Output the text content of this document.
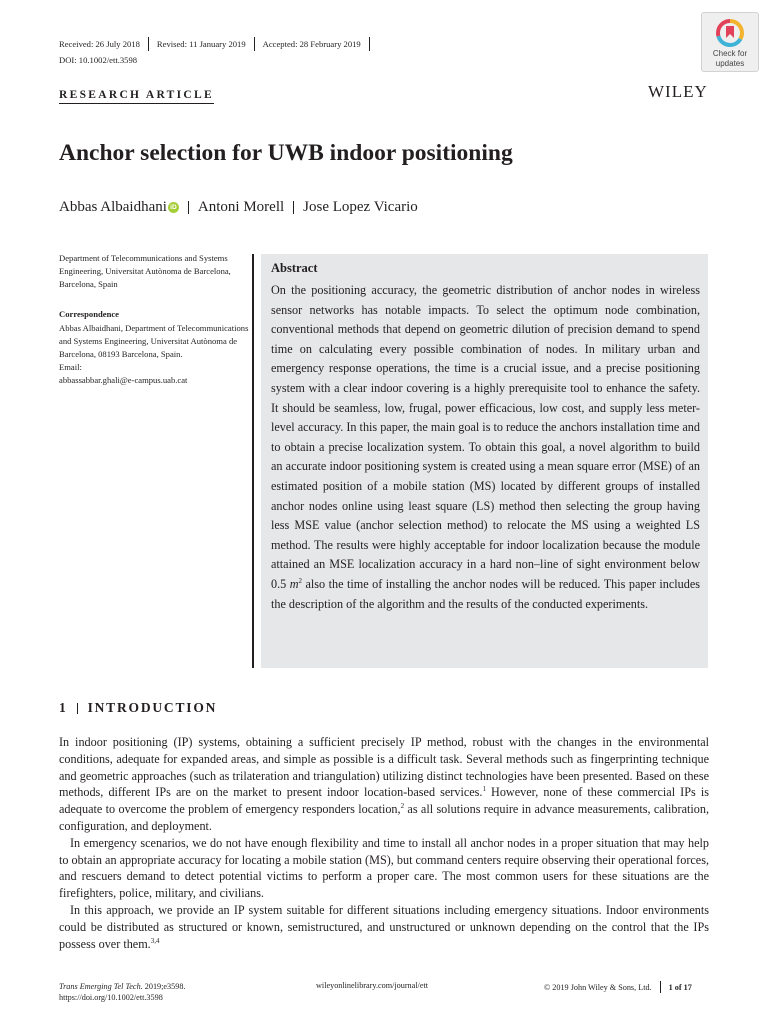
Received: 26 July 2018 Revised: 11 January 2019 Accepted: 28 February 2019
DOI: 10.1002/ett.3598
Check for
updates
WILEY
RESEARCH ARTICLE
Anchor selection for UWB indoor positioning
Abbas Albaidhani iD Antoni Morell Jose Lopez Vicario
Department of Telecommunications and Systems Engineering, Universitat Autònoma de Barcelona, Barcelona, Spain
Correspondence
Abbas Albaidhani, Department of Telecommunications and Systems Engineering, Universitat Autònoma de Barcelona, 08193 Barcelona, Spain.
Email:
abbassabbar.ghali@e-campus.uab.cat
Abstract
On the positioning accuracy, the geometric distribution of anchor nodes in wireless sensor networks has notable impacts. To select the optimum node combination, conventional methods that depend on geometric dilution of precision demand to spend time on calculating every possible combination of nodes. In military urban and emergency response operations, the time is a crucial issue, and a precise positioning system with a clear indoor covering is a highly prerequisite tool to enhance the safety. It should be seamless, low, frugal, power efficacious, low cost, and supply less meter-level accuracy. In this paper, the main goal is to reduce the anchors installation time and to obtain a precise localization system. To obtain this goal, a novel algorithm to build an accurate indoor positioning system is created using a mean square error (MSE) of an estimated position of a mobile station (MS) located by different groups of installed anchor nodes online using least square (LS) method then selecting the group having less MSE value (anchor selection method) to relocate the MS using a weighted LS method. The results were highly acceptable for indoor localization because the module attained an MSE localization accuracy in a hard non–line of sight environment below 0.5 $m^2$ also the time of installing the anchor nodes will be reduced. This paper includes the description of the algorithm and the results of the conducted experiments.
1 INTRODUCTION

In indoor positioning (IP) systems, obtaining a sufficient precisely IP method, robust with the changes in the environmental conditions, adequate for expanded areas, and simple as possible is a difficult task. Several methods such as fingerprinting technique and geometric approaches (such as trilateration and triangulation) utilizing distinct technologies have been presented. Based on these methods, different IPs are on the market to present indoor location-based services.$^1$ However, none of these commercial IPs is adequate to overcome the problem of emergency responders location,$^2$ as all solutions require in advance measurements, calibration, configuration, and deployment.

In emergency scenarios, we do not have enough flexibility and time to install all anchor nodes in a proper situation that may help to obtain an appropriate accuracy for locating a mobile station (MS), but command centers require observing their operational forces, and rescuers demand to detect potential victims to perform a proper care. The most common users for these situations are the firefighters, police, military, and civilians.

In this approach, we provide an IP system suitable for different situations including emergency situations. Indoor environments could be distributed as structured or known, semistructured, and unstructured or unknown depending on the control that the IPs possess over them.$^{3,4}$

Trans Emerging Tel Tech. 2019;e3598.
https://doi.org/10.1002/ett.3598
wileyonlinelibrary.com/journal/ett	© 2019 John Wiley & Sons, Ltd. 1 of 17
